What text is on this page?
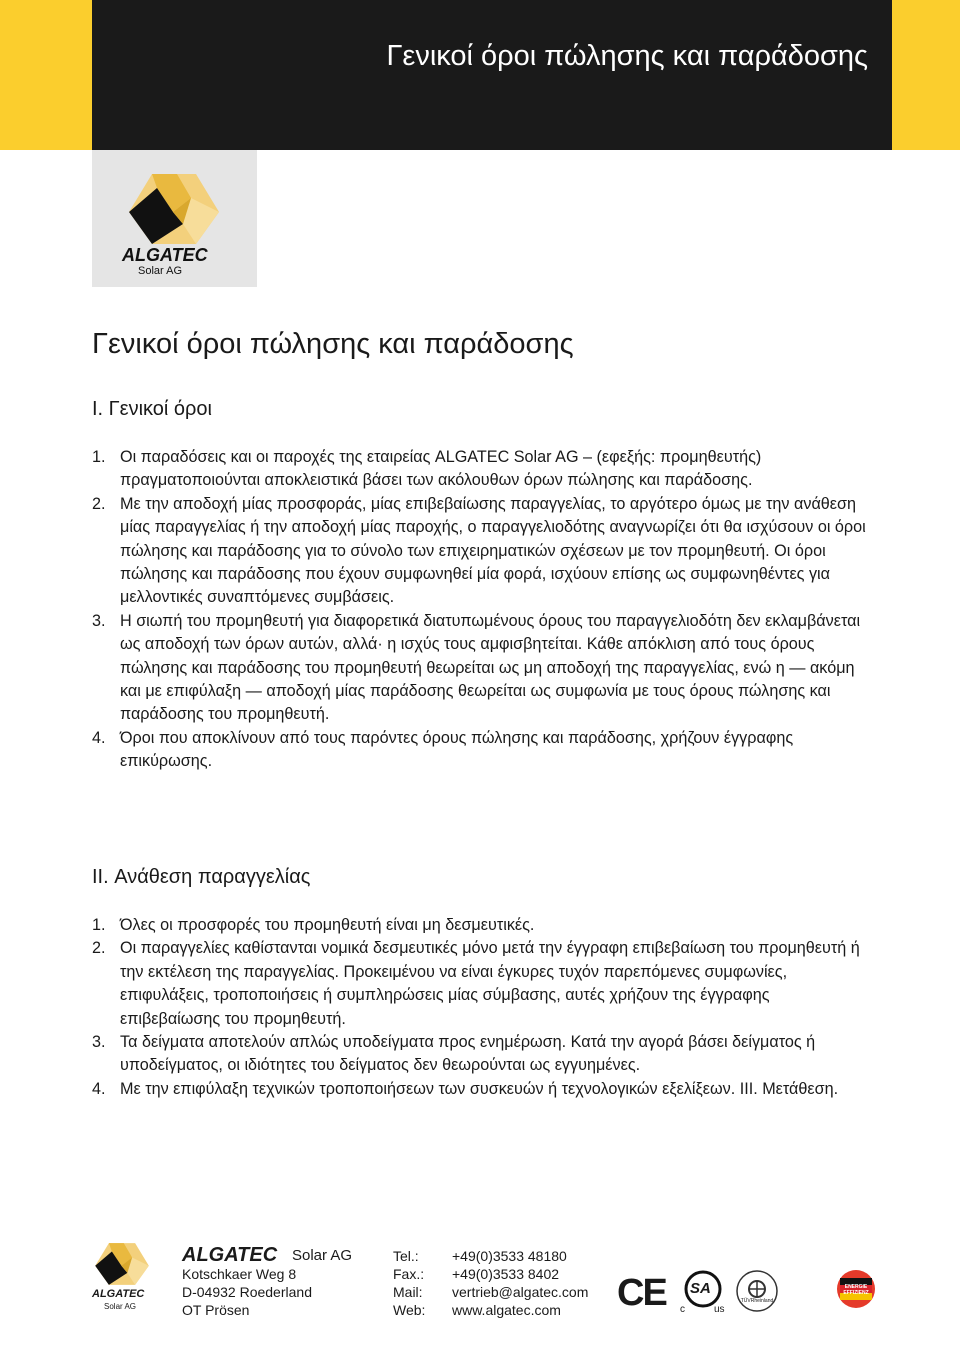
Γενικοί όροι πώλησης και παράδοσης
ALGATEC
Solar AG
Γενικοί όροι πώλησης και παράδοσης
I. Γενικοί όροι
1. Οι παραδόσεις και οι παροχές της εταιρείας ALGATEC Solar AG – (εφεξής: προμηθευτής) πραγματοποιούνται αποκλειστικά βάσει των ακόλουθων όρων πώλησης και παράδοσης.
2. Με την αποδοχή μίας προσφοράς, μίας επιβεβαίωσης παραγγελίας, το αργότερο όμως με την ανάθεση μίας παραγγελίας ή την αποδοχή μίας παροχής, ο παραγγελιοδότης αναγνωρίζει ότι θα ισχύσουν οι όροι πώλησης και παράδοσης για το σύνολο των επιχειρηματικών σχέσεων με τον προμηθευτή. Οι όροι πώλησης και παράδοσης που έχουν συμφωνηθεί μία φορά, ισχύουν επίσης ως συμφωνηθέντες για μελλοντικές συναπτόμενες συμβάσεις.
3. Η σιωπή του προμηθευτή για διαφορετικά διατυπωμένους όρους του παραγγελιοδότη δεν εκλαμβάνεται ως αποδοχή των όρων αυτών, αλλά· η ισχύς τους αμφισβητείται. Κάθε απόκλιση από τους όρους πώλησης και παράδοσης του προμηθευτή θεωρείται ως μη αποδοχή της παραγγελίας, ενώ η — ακόμη και με επιφύλαξη — αποδοχή μίας παράδοσης θεωρείται ως συμφωνία με τους όρους πώλησης και παράδοσης του προμηθευτή.
4. Όροι που αποκλίνουν από τους παρόντες όρους πώλησης και παράδοσης, χρήζουν έγγραφης επικύρωσης.
II. Ανάθεση παραγγελίας
1. Όλες οι προσφορές του προμηθευτή είναι μη δεσμευτικές.
2. Οι παραγγελίες καθίστανται νομικά δεσμευτικές μόνο μετά την έγγραφη επιβεβαίωση του προμηθευτή ή την εκτέλεση της παραγγελίας. Προκειμένου να είναι έγκυρες τυχόν παρεπόμενες συμφωνίες, επιφυλάξεις, τροποποιήσεις ή συμπληρώσεις μίας σύμβασης, αυτές χρήζουν της έγγραφης επιβεβαίωσης του προμηθευτή.
3. Τα δείγματα αποτελούν απλώς υποδείγματα προς ενημέρωση. Κατά την αγορά βάσει δείγματος ή υποδείγματος, οι ιδιότητες του δείγματος δεν θεωρούνται ως εγγυημένες.
4. Με την επιφύλαξη τεχνικών τροποποιήσεων των συσκευών ή τεχνολογικών εξελίξεων. III. Μετάθεση.
ALGATEC
Solar AG
ALGATEC Solar AG
Kotschkaer Weg 8
D-04932 Roederland
OT Prösen
Tel.:
Fax.:
Mail:
Web:
+49(0)3533 48180
+49(0)3533 8402
vertrieb@algatec.com
www.algatec.com CE SA
c	us
TÜVRheinland
ENERGIE EFFIZIENZ
